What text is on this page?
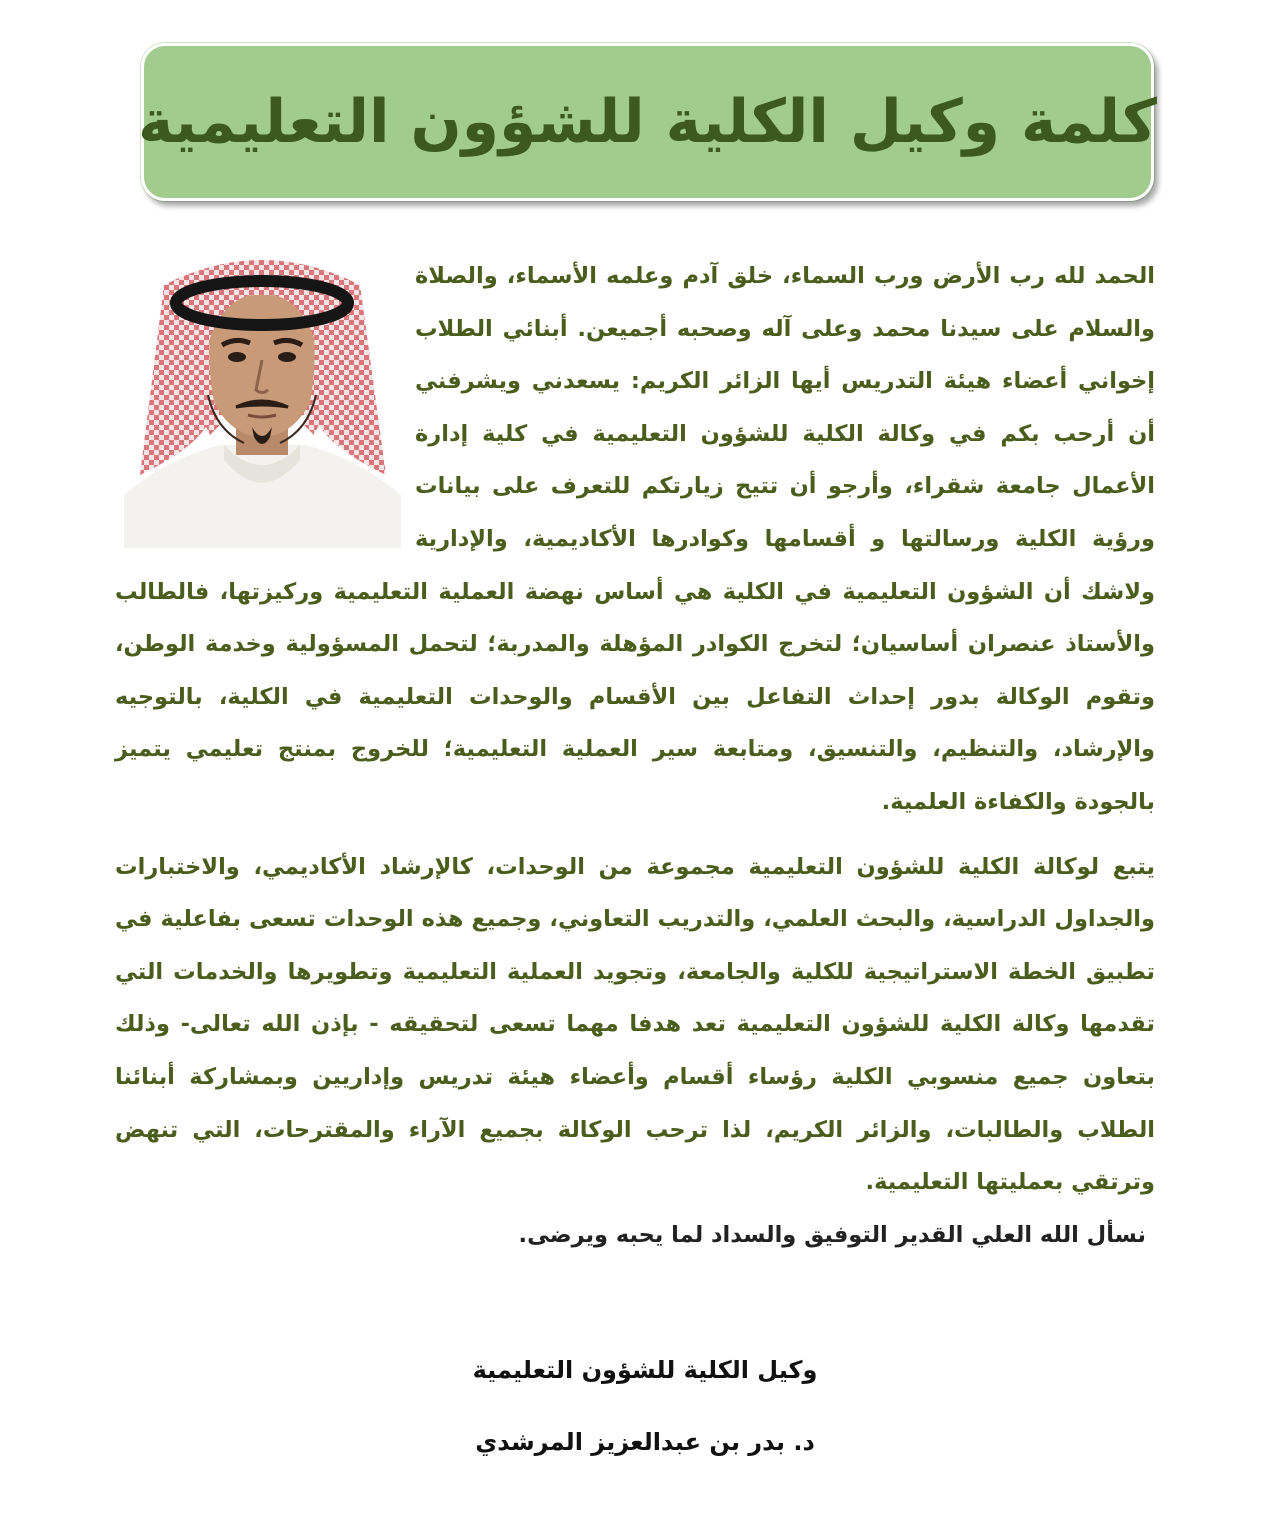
كلمة وكيل الكلية للشؤون التعليمية

الحمد لله رب الأرض ورب السماء، خلق آدم وعلمه الأسماء، والصلاة والسلام على سيدنا محمد وعلى آله وصحبه أجميعن. أبنائي الطلاب إخواني أعضاء هيئة التدريس أيها الزائر الكريم: يسعدني ويشرفني أن أرحب بكم في وكالة الكلية للشؤون التعليمية في كلية إدارة الأعمال جامعة شقراء، وأرجو أن تتيح زيارتكم للتعرف على بيانات ورؤية الكلية ورسالتها و أقسامها وكوادرها الأكاديمية، والإدارية ولاشك أن الشؤون التعليمية في الكلية هي أساس نهضة العملية التعليمية وركيزتها، فالطالب والأستاذ عنصران أساسيان؛ لتخرج الكوادر المؤهلة والمدربة؛ لتحمل المسؤولية وخدمة الوطن، وتقوم الوكالة بدور إحداث التفاعل بين الأقسام والوحدات التعليمية في الكلية، بالتوجيه والإرشاد، والتنظيم، والتنسيق، ومتابعة سير العملية التعليمية؛ للخروج بمنتج تعليمي يتميز بالجودة والكفاءة العلمية.

يتبع لوكالة الكلية للشؤون التعليمية مجموعة من الوحدات، كالإرشاد الأكاديمي، والاختبارات والجداول الدراسية، والبحث العلمي، والتدريب التعاوني، وجميع هذه الوحدات تسعى بفاعلية في تطبيق الخطة الاستراتيجية للكلية والجامعة، وتجويد العملية التعليمية وتطويرها والخدمات التي تقدمها وكالة الكلية للشؤون التعليمية تعد هدفا مهما تسعى لتحقيقه - بإذن الله تعالى- وذلك بتعاون جميع منسوبي الكلية رؤساء أقسام وأعضاء هيئة تدريس وإداريين وبمشاركة أبنائنا الطلاب والطالبات، والزائر الكريم، لذا ترحب الوكالة بجميع الآراء والمقترحات، التي تنهض وترتقي بعمليتها التعليمية.

نسأل الله العلي القدير التوفيق والسداد لما يحبه ويرضى.
وكيل الكلية للشؤون التعليمية
د. بدر بن عبدالعزيز المرشدي
